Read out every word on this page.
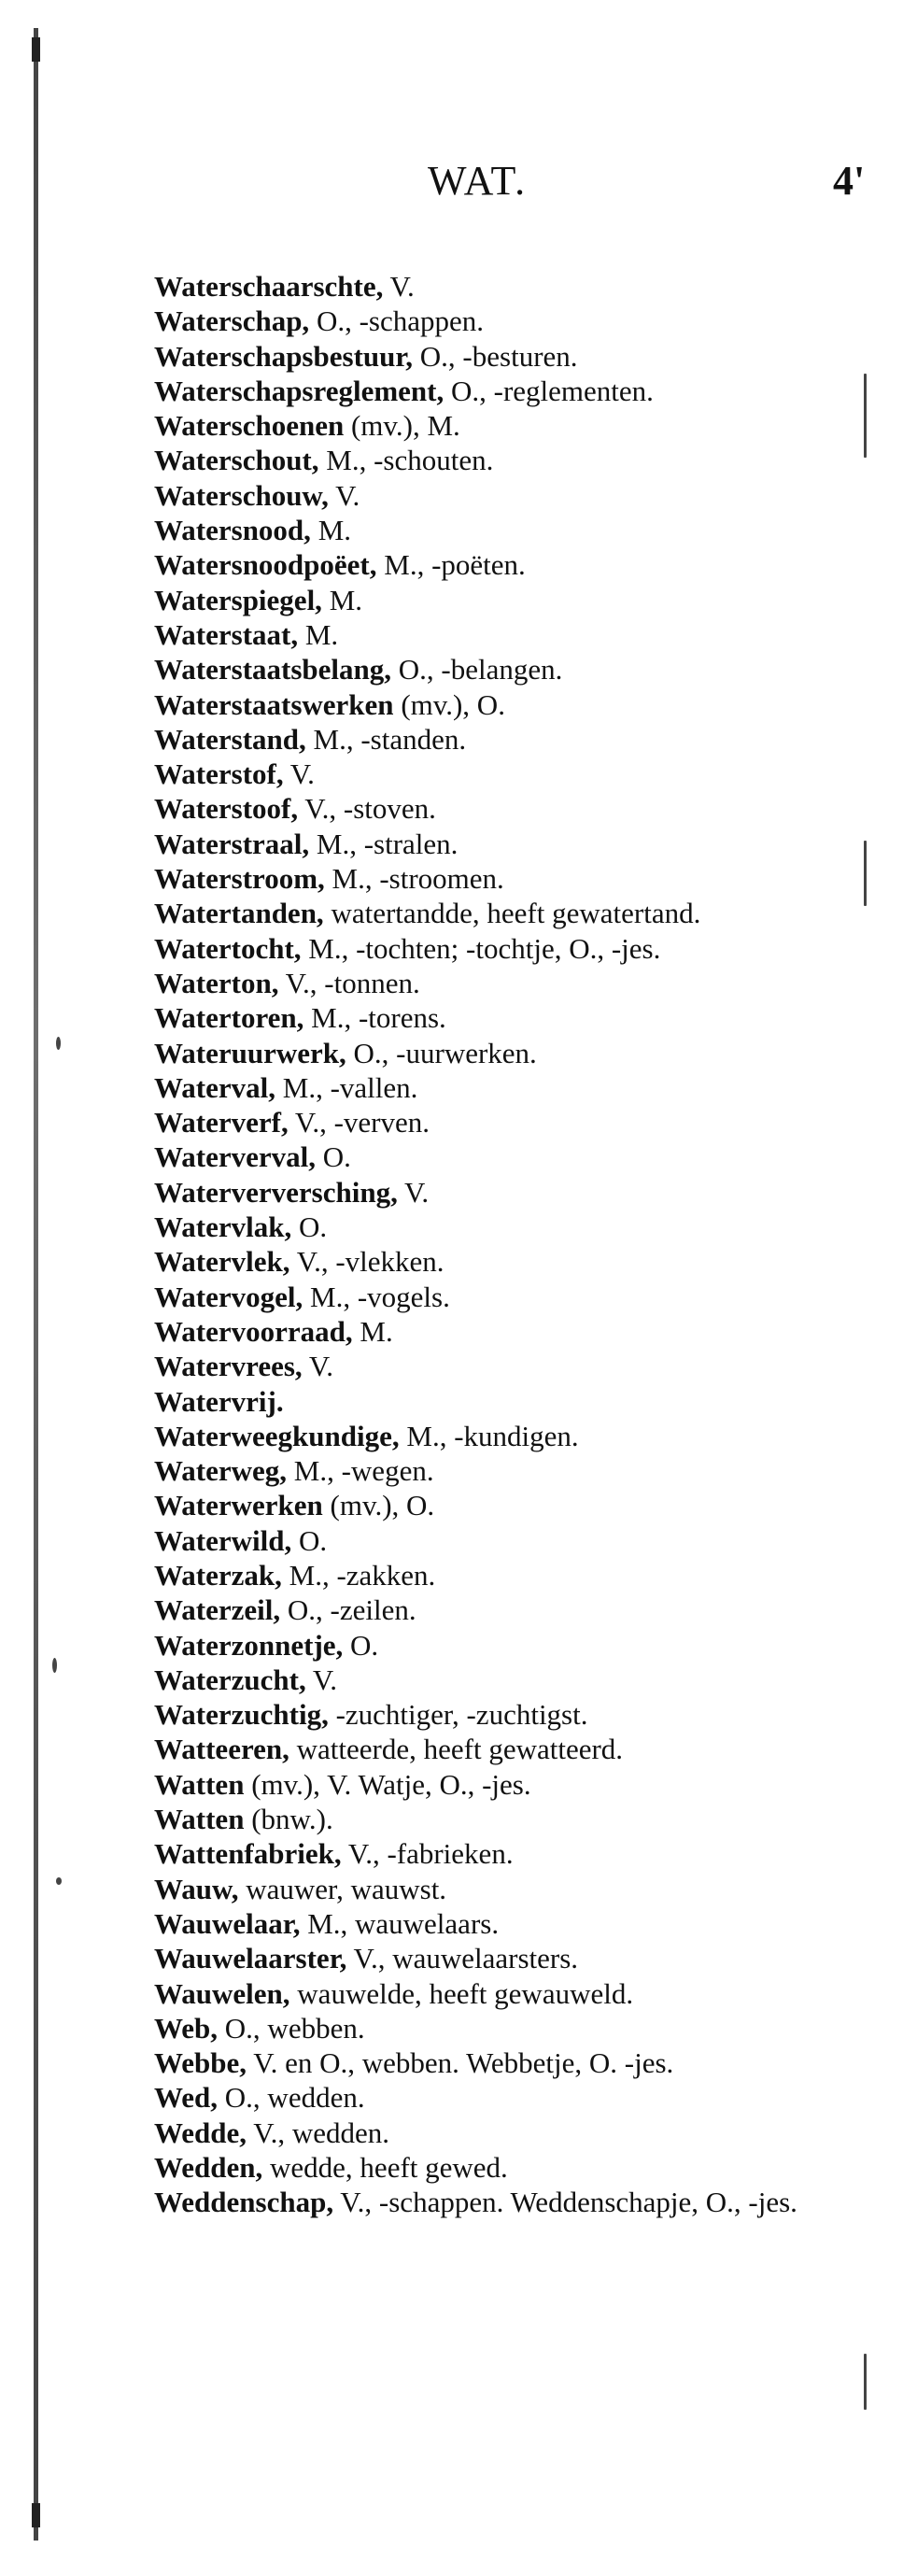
WAT.	4'

Waterschaarschte, V.

Waterschap, O., -schappen.

Waterschapsbestuur, O., -besturen.

Waterschapsreglement, O., -reglementen.

Waterschoenen (mv.), M.

Waterschout, M., -schouten.

Waterschouw, V.

Watersnood, M.

Watersnoodpoëet, M., -poëten.

Waterspiegel, M.

Waterstaat, M.

Waterstaatsbelang, O., -belangen.

Waterstaatswerken (mv.), O.

Waterstand, M., -standen.

Waterstof, V.

Waterstoof, V., -stoven.

Waterstraal, M., -stralen.

Waterstroom, M., -stroomen.

Watertanden, watertandde, heeft gewatertand.

Watertocht, M., -tochten; -tochtje, O., -jes.

Waterton, V., -tonnen.

Watertoren, M., -torens.

Wateruurwerk, O., -uurwerken.

Waterval, M., -vallen.

Waterverf, V., -verven.

Waterverval, O.

Waterverversching, V.

Watervlak, O.

Watervlek, V., -vlekken.

Watervogel, M., -vogels.

Watervoorraad, M.

Watervrees, V.

Watervrij.

Waterweegkundige, M., -kundigen.

Waterweg, M., -wegen.

Waterwerken (mv.), O.

Waterwild, O.

Waterzak, M., -zakken.

Waterzeil, O., -zeilen.

Waterzonnetje, O.

Waterzucht, V.

Waterzuchtig, -zuchtiger, -zuchtigst.

Watteeren, watteerde, heeft gewatteerd.

Watten (mv.), V. Watje, O., -jes.

Watten (bnw.).

Wattenfabriek, V., -fabrieken.

Wauw, wauwer, wauwst.

Wauwelaar, M., wauwelaars.

Wauwelaarster, V., wauwelaarsters.

Wauwelen, wauwelde, heeft gewauweld.

Web, O., webben.

Webbe, V. en O., webben. Webbetje, O. -jes.

Wed, O., wedden.

Wedde, V., wedden.

Wedden, wedde, heeft gewed.

Weddenschap, V., -schappen. Weddenschapje, O., -jes.
